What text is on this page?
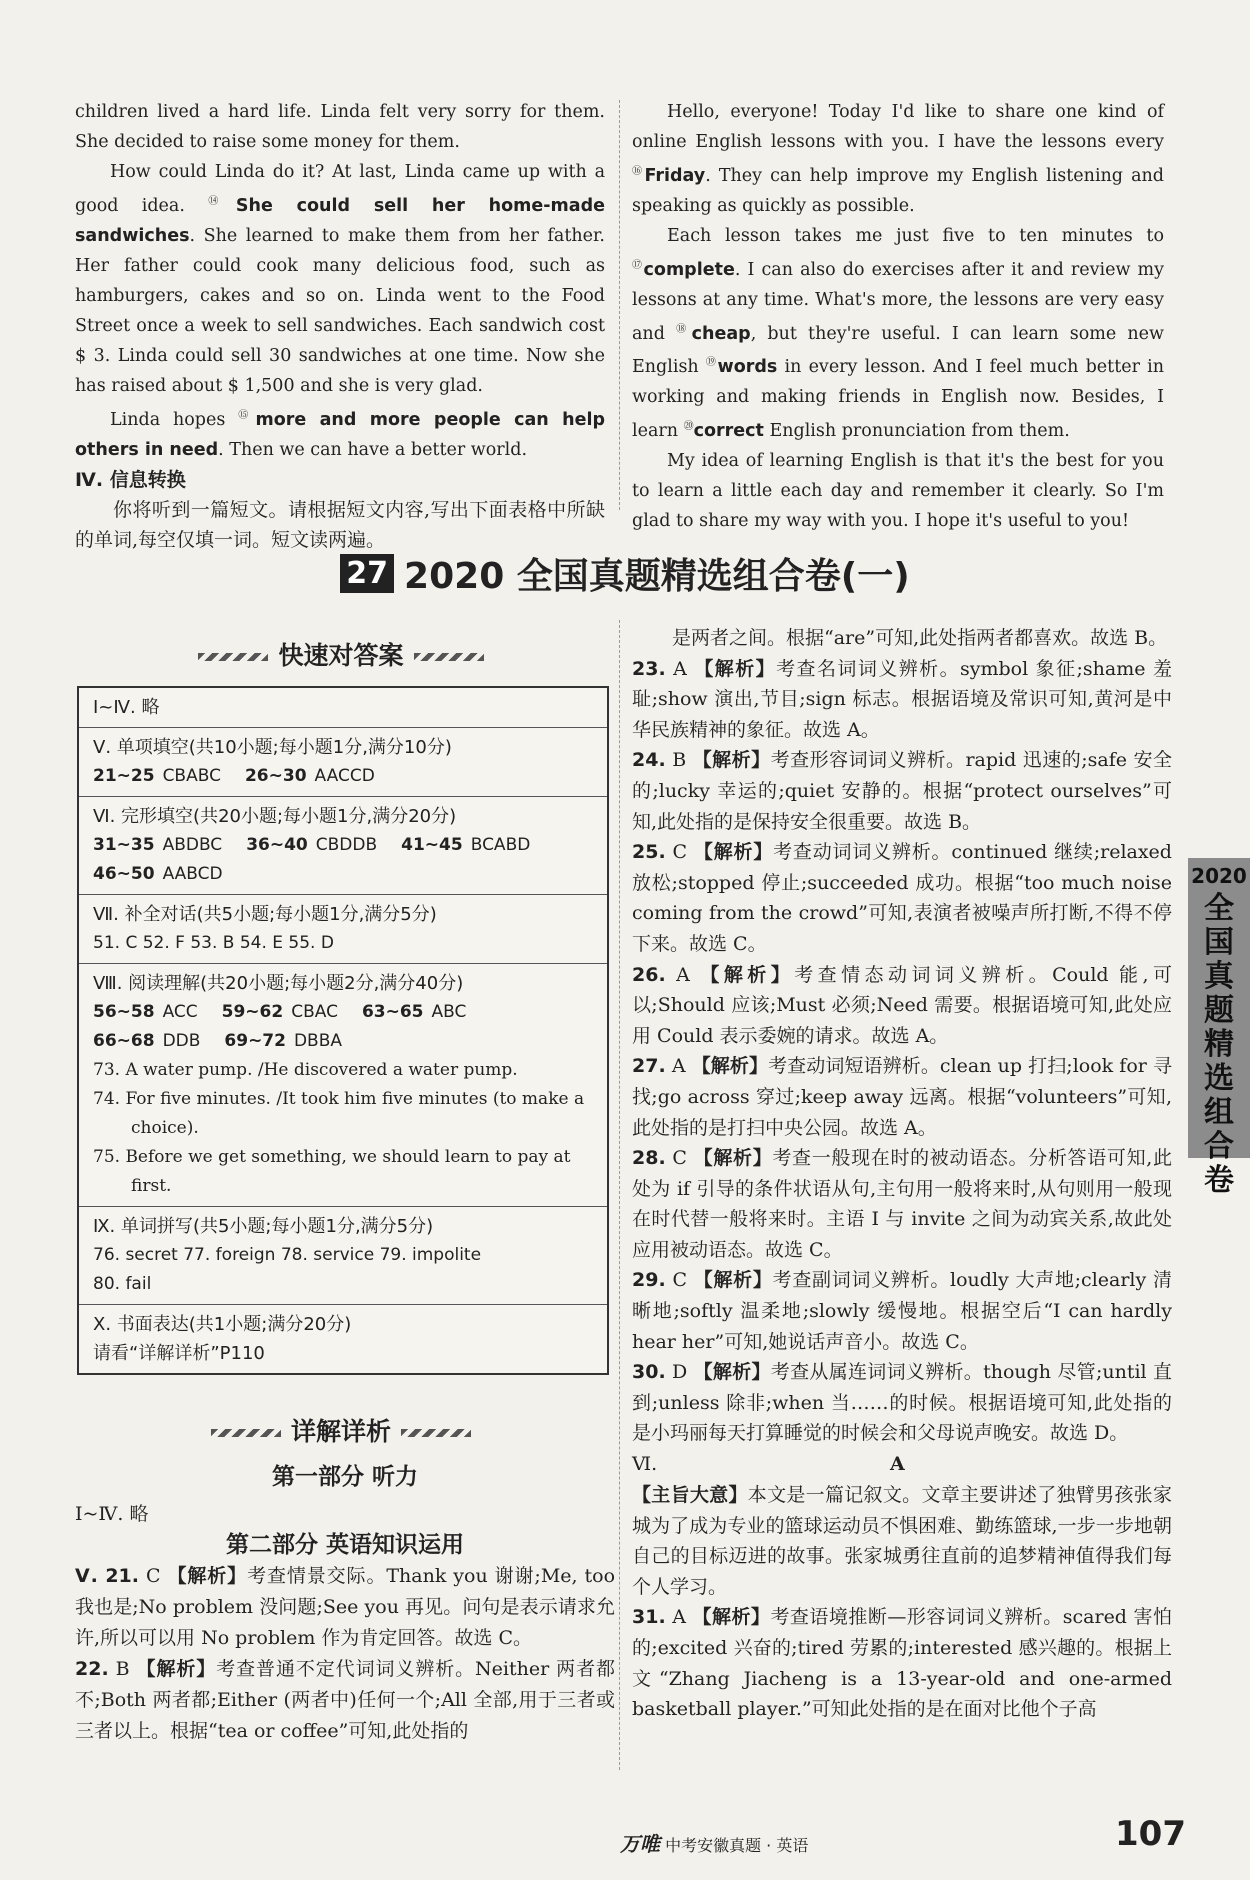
children lived a hard life. Linda felt very sorry for them. She decided to raise some money for them.

How could Linda do it? At last, Linda came up with a good idea. ⑭She could sell her home-made sandwiches. She learned to make them from her father. Her father could cook many delicious food, such as hamburgers, cakes and so on. Linda went to the Food Street once a week to sell sandwiches. Each sandwich cost $ 3. Linda could sell 30 sandwiches at one time. Now she has raised about $ 1,500 and she is very glad.

Linda hopes ⑮more and more people can help others in need. Then we can have a better world.

Ⅳ. 信息转换

你将听到一篇短文。请根据短文内容,写出下面表格中所缺的单词,每空仅填一词。短文读两遍。

Hello, everyone! Today I'd like to share one kind of online English lessons with you. I have the lessons every ⑯Friday. They can help improve my English listening and speaking as quickly as possible.

Each lesson takes me just five to ten minutes to ⑰complete. I can also do exercises after it and review my lessons at any time. What's more, the lessons are very easy and ⑱cheap, but they're useful. I can learn some new English ⑲words in every lesson. And I feel much better in working and making friends in English now. Besides, I learn ⑳correct English pronunciation from them.

My idea of learning English is that it's the best for you to learn a little each day and remember it clearly. So I'm glad to share my way with you. I hope it's useful to you!

27 2020 全国真题精选组合卷(一)
快速对答案
Ⅰ~Ⅳ. 略
Ⅴ. 单项填空(共10小题;每小题1分,满分10分)
21~25 CBABC 26~30 AACCD
Ⅵ. 完形填空(共20小题;每小题1分,满分20分)
31~35 ABDBC 36~40 CBDDB 41~45 BCABD
46~50 AABCD
Ⅶ. 补全对话(共5小题;每小题1分,满分5分)
51. C 52. F 53. B 54. E 55. D
Ⅷ. 阅读理解(共20小题;每小题2分,满分40分)
56~58 ACC 59~62 CBAC 63~65 ABC
66~68 DDB 69~72 DBBA
73. A water pump. /He discovered a water pump.
74. For five minutes. /It took him five minutes (to make a choice).
75. Before we get something, we should learn to pay at first.
Ⅸ. 单词拼写(共5小题;每小题1分,满分5分)
76. secret 77. foreign 78. service 79. impolite
80. fail
Ⅹ. 书面表达(共1小题;满分20分)
请看“详解详析”P110
详解详析
第一部分 听力

Ⅰ~Ⅳ. 略

第二部分 英语知识运用

Ⅴ. 21. C 【解析】考查情景交际。Thank you 谢谢;Me, too 我也是;No problem 没问题;See you 再见。问句是表示请求允许,所以可以用 No problem 作为肯定回答。故选 C。

22. B 【解析】考查普通不定代词词义辨析。Neither 两者都不;Both 两者都;Either (两者中)任何一个;All 全部,用于三者或三者以上。根据“tea or coffee”可知,此处指的

是两者之间。根据“are”可知,此处指两者都喜欢。故选 B。

23. A 【解析】考查名词词义辨析。symbol 象征;shame 羞耻;show 演出,节目;sign 标志。根据语境及常识可知,黄河是中华民族精神的象征。故选 A。

24. B 【解析】考查形容词词义辨析。rapid 迅速的;safe 安全的;lucky 幸运的;quiet 安静的。根据“protect ourselves”可知,此处指的是保持安全很重要。故选 B。

25. C 【解析】考查动词词义辨析。continued 继续;relaxed 放松;stopped 停止;succeeded 成功。根据“too much noise coming from the crowd”可知,表演者被噪声所打断,不得不停下来。故选 C。

26. A 【解析】考查情态动词词义辨析。Could 能,可以;Should 应该;Must 必须;Need 需要。根据语境可知,此处应用 Could 表示委婉的请求。故选 A。

27. A 【解析】考查动词短语辨析。clean up 打扫;look for 寻找;go across 穿过;keep away 远离。根据“volunteers”可知,此处指的是打扫中央公园。故选 A。

28. C 【解析】考查一般现在时的被动语态。分析答语可知,此处为 if 引导的条件状语从句,主句用一般将来时,从句则用一般现在时代替一般将来时。主语 I 与 invite 之间为动宾关系,故此处应用被动语态。故选 C。

29. C 【解析】考查副词词义辨析。loudly 大声地;clearly 清晰地;softly 温柔地;slowly 缓慢地。根据空后“I can hardly hear her”可知,她说话声音小。故选 C。

30. D 【解析】考查从属连词词义辨析。though 尽管;until 直到;unless 除非;when 当……的时候。根据语境可知,此处指的是小玛丽每天打算睡觉的时候会和父母说声晚安。故选 D。

Ⅵ.	A

【主旨大意】本文是一篇记叙文。文章主要讲述了独臂男孩张家城为了成为专业的篮球运动员不惧困难、勤练篮球,一步一步地朝自己的目标迈进的故事。张家城勇往直前的追梦精神值得我们每个人学习。

31. A 【解析】考查语境推断—形容词词义辨析。scared 害怕的;excited 兴奋的;tired 劳累的;interested 感兴趣的。根据上文“Zhang Jiacheng is a 13-year-old and one-armed basketball player.”可知此处指的是在面对比他个子高

2020
全国真题精选组合卷
万唯 中考安徽真题 · 英语	107
